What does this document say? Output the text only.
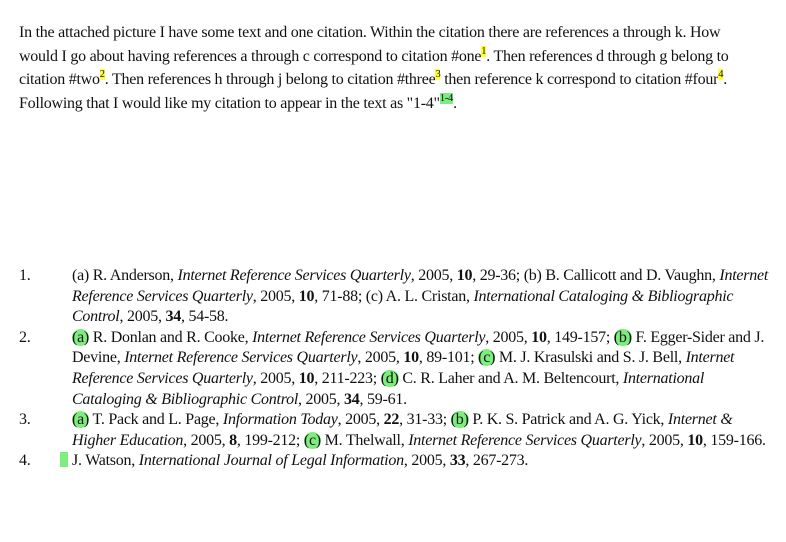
In the attached picture I have some text and one citation. Within the citation there are references a through k. How would I go about having references a through c correspond to citation #one$^1$. Then references d through g belong to citation #two$^2$. Then references h through j belong to citation #three$^3$ then reference k correspond to citation #four$^4$. Following that I would like my citation to appear in the text as "1-4"$^{1-4}$.

1.	(a) R. Anderson, Internet Reference Services Quarterly, 2005, 10, 29-36; (b) B. Callicott and D. Vaughn, Internet Reference Services Quarterly, 2005, 10, 71-88; (c) A. L. Cristan, International Cataloging & Bibliographic Control, 2005, 34, 54-58.
2.	(a) R. Donlan and R. Cooke, Internet Reference Services Quarterly, 2005, 10, 149-157; (b) F. Egger-Sider and J. Devine, Internet Reference Services Quarterly, 2005, 10, 89-101; (c) M. J. Krasulski and S. J. Bell, Internet Reference Services Quarterly, 2005, 10, 211-223; (d) C. R. Laher and A. M. Beltencourt, International Cataloging & Bibliographic Control, 2005, 34, 59-61.
3.	(a) T. Pack and L. Page, Information Today, 2005, 22, 31-33; (b) P. K. S. Patrick and A. G. Yick, Internet & Higher Education, 2005, 8, 199-212; (c) M. Thelwall, Internet Reference Services Quarterly, 2005, 10, 159-166.
4.	J. Watson, International Journal of Legal Information, 2005, 33, 267-273.
